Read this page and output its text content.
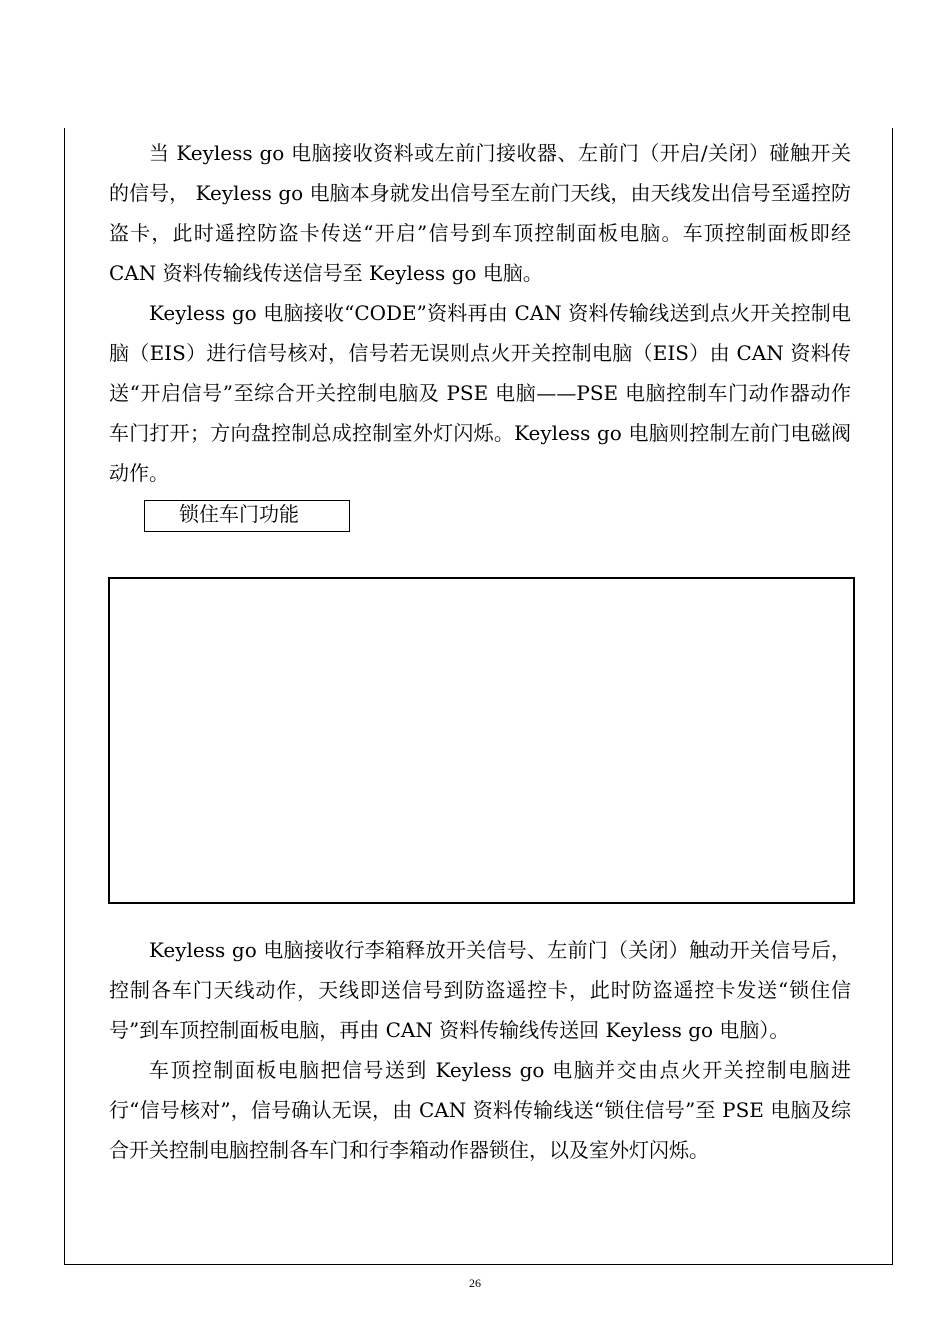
当 Keyless go 电脑接收资料或左前门接收器、左前门（开启/关闭）碰触开关的信号， Keyless go 电脑本身就发出信号至左前门天线，由天线发出信号至遥控防盗卡，此时遥控防盗卡传送“开启”信号到车顶控制面板电脑。车顶控制面板即经 CAN 资料传输线传送信号至 Keyless go 电脑。

Keyless go 电脑接收“CODE”资料再由 CAN 资料传输线送到点火开关控制电脑（EIS）进行信号核对，信号若无误则点火开关控制电脑（EIS）由 CAN 资料传送“开启信号”至综合开关控制电脑及 PSE 电脑——PSE 电脑控制车门动作器动作车门打开；方向盘控制总成控制室外灯闪烁。Keyless go 电脑则控制左前门电磁阀动作。

锁住车门功能

Keyless go 电脑接收行李箱释放开关信号、左前门（关闭）触动开关信号后，控制各车门天线动作，天线即送信号到防盗遥控卡，此时防盗遥控卡发送“锁住信号”到车顶控制面板电脑，再由 CAN 资料传输线传送回 Keyless go 电脑）。

车顶控制面板电脑把信号送到 Keyless go 电脑并交由点火开关控制电脑进行“信号核对”，信号确认无误，由 CAN 资料传输线送“锁住信号”至 PSE 电脑及综合开关控制电脑控制各车门和行李箱动作器锁住，以及室外灯闪烁。

26
